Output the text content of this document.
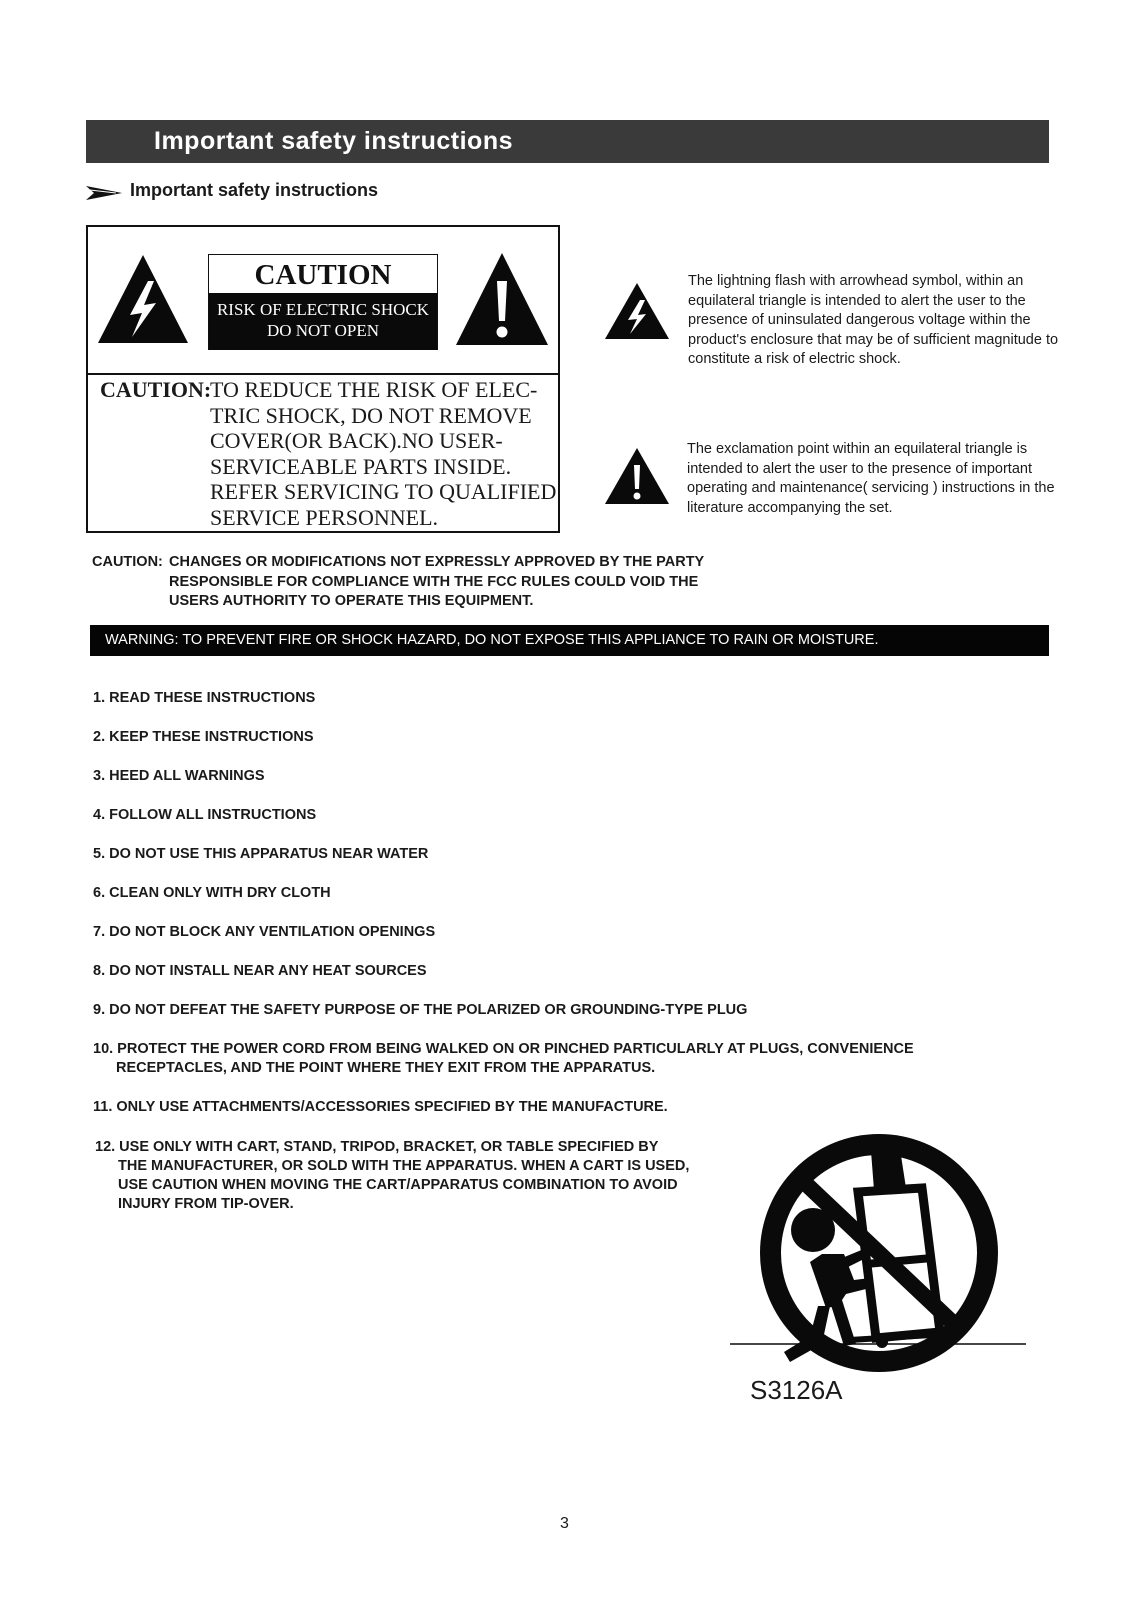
Important safety instructions
Important safety instructions
CAUTION
RISK OF ELECTRIC SHOCK
DO NOT OPEN
CAUTION:
TO REDUCE THE RISK OF ELEC-
TRIC SHOCK, DO NOT REMOVE
COVER(OR BACK).NO USER-
SERVICEABLE PARTS INSIDE.
REFER SERVICING TO QUALIFIED
SERVICE PERSONNEL.
The lightning flash with arrowhead symbol, within an equilateral triangle is intended to alert the user to the presence of uninsulated dangerous voltage within the product's enclosure that may be of sufficient magnitude to constitute a risk of electric shock.
The exclamation point within an equilateral triangle is intended to alert the user to the presence of important operating and maintenance( servicing ) instructions in the literature accompanying the set.
CAUTION: CHANGES OR MODIFICATIONS NOT EXPRESSLY APPROVED BY THE PARTY
RESPONSIBLE FOR COMPLIANCE WITH THE FCC RULES COULD VOID THE
USERS AUTHORITY TO OPERATE THIS EQUIPMENT.
WARNING: TO PREVENT FIRE OR SHOCK HAZARD, DO NOT EXPOSE THIS APPLIANCE TO RAIN OR MOISTURE.
1. READ THESE INSTRUCTIONS
2. KEEP THESE INSTRUCTIONS
3. HEED ALL WARNINGS
4. FOLLOW ALL INSTRUCTIONS
5. DO NOT USE THIS APPARATUS NEAR WATER
6. CLEAN ONLY WITH DRY CLOTH
7. DO NOT BLOCK ANY VENTILATION OPENINGS
8. DO NOT INSTALL NEAR ANY HEAT SOURCES
9. DO NOT DEFEAT THE SAFETY PURPOSE OF THE POLARIZED OR GROUNDING-TYPE PLUG
10. PROTECT THE POWER CORD FROM BEING WALKED ON OR PINCHED PARTICULARLY AT PLUGS, CONVENIENCE
RECEPTACLES, AND THE POINT WHERE THEY EXIT FROM THE APPARATUS.
11. ONLY USE ATTACHMENTS/ACCESSORIES SPECIFIED BY THE MANUFACTURE.
12. USE ONLY WITH CART, STAND, TRIPOD, BRACKET, OR TABLE SPECIFIED BY
THE MANUFACTURER, OR SOLD WITH THE APPARATUS. WHEN A CART IS USED,
USE CAUTION WHEN MOVING THE CART/APPARATUS COMBINATION TO AVOID
INJURY FROM TIP-OVER.
S3126A
3
